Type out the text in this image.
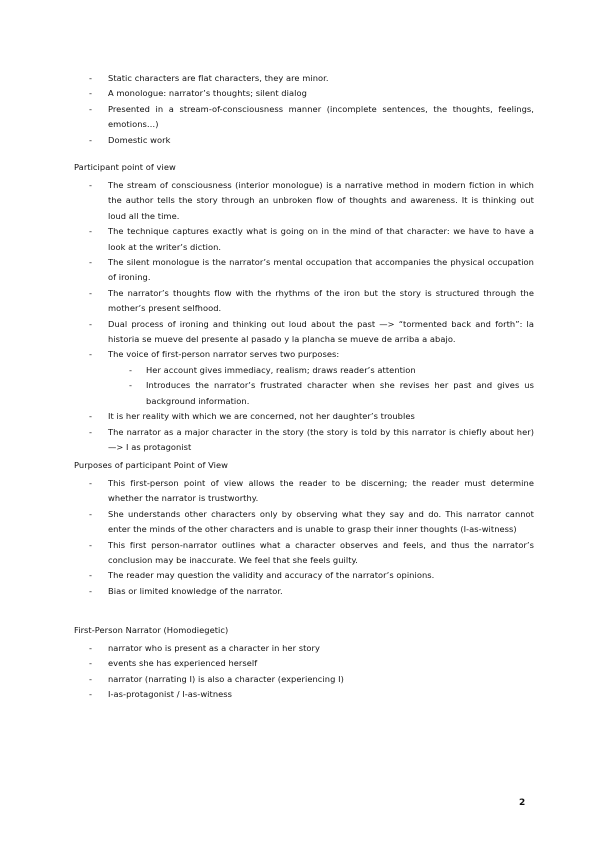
- Static characters are flat characters, they are minor.
- A monologue: narrator’s thoughts; silent dialog
- Presented in a stream-of-consciousness manner (incomplete sentences, the thoughts, feelings, emotions…)
- Domestic work
Participant point of view
- The stream of consciousness (interior monologue) is a narrative method in modern fiction in which the author tells the story through an unbroken flow of thoughts and awareness. It is thinking out loud all the time.
- The technique captures exactly what is going on in the mind of that character: we have to have a look at the writer’s diction.
- The silent monologue is the narrator’s mental occupation that accompanies the physical occupation of ironing.
- The narrator’s thoughts flow with the rhythms of the iron but the story is structured through the mother’s present selfhood.
- Dual process of ironing and thinking out loud about the past —> “tormented back and forth”: la historia se mueve del presente al pasado y la plancha se mueve de arriba a abajo.
- The voice of first-person narrator serves two purposes:
- Her account gives immediacy, realism; draws reader’s attention
- Introduces the narrator’s frustrated character when she revises her past and gives us background information.
- It is her reality with which we are concerned, not her daughter’s troubles
- The narrator as a major character in the story (the story is told by this narrator is chiefly about her) —> I as protagonist
Purposes of participant Point of View
- This first-person point of view allows the reader to be discerning; the reader must determine whether the narrator is trustworthy.
- She understands other characters only by observing what they say and do. This narrator cannot enter the minds of the other characters and is unable to grasp their inner thoughts (I-as-witness)
- This first person-narrator outlines what a character observes and feels, and thus the narrator’s conclusion may be inaccurate. We feel that she feels guilty.
- The reader may question the validity and accuracy of the narrator’s opinions.
- Bias or limited knowledge of the narrator.
First-Person Narrator (Homodiegetic)
- narrator who is present as a character in her story
- events she has experienced herself
- narrator (narrating I) is also a character (experiencing I)
- I-as-protagonist / I-as-witness
2
